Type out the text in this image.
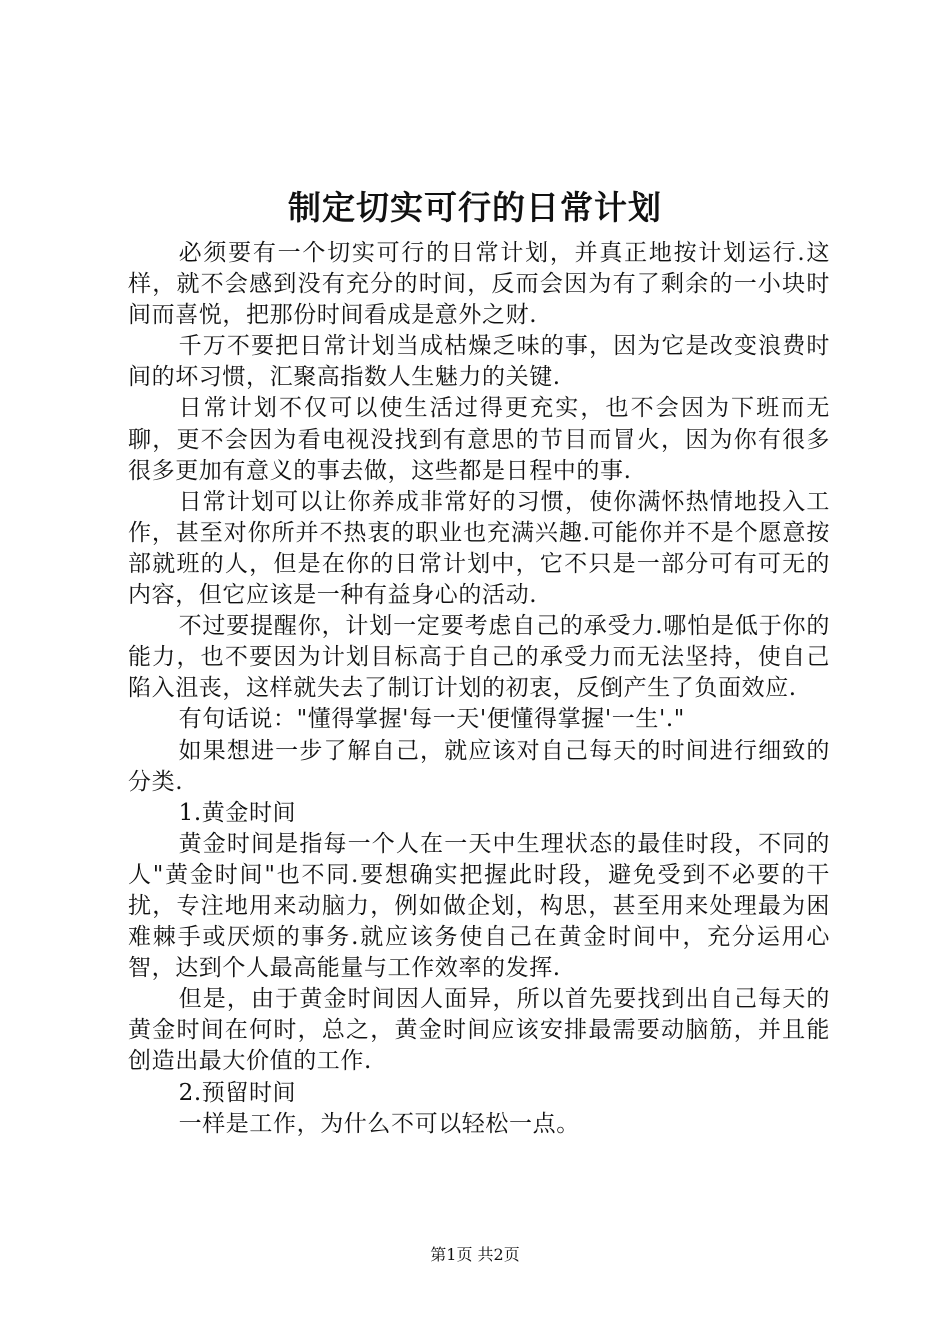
制定切实可行的日常计划

必须要有一个切实可行的日常计划，并真正地按计划运行.这样，就不会感到没有充分的时间，反而会因为有了剩余的一小块时间而喜悦，把那份时间看成是意外之财.

千万不要把日常计划当成枯燥乏味的事，因为它是改变浪费时间的坏习惯，汇聚高指数人生魅力的关键.

日常计划不仅可以使生活过得更充实，也不会因为下班而无聊，更不会因为看电视没找到有意思的节目而冒火，因为你有很多很多更加有意义的事去做，这些都是日程中的事.

日常计划可以让你养成非常好的习惯，使你满怀热情地投入工作，甚至对你所并不热衷的职业也充满兴趣.可能你并不是个愿意按部就班的人，但是在你的日常计划中，它不只是一部分可有可无的内容，但它应该是一种有益身心的活动.

不过要提醒你，计划一定要考虑自己的承受力.哪怕是低于你的能力，也不要因为计划目标高于自己的承受力而无法坚持，使自己陷入沮丧，这样就失去了制订计划的初衷，反倒产生了负面效应.

有句话说："懂得掌握'每一天'便懂得掌握'一生'."

如果想进一步了解自己，就应该对自己每天的时间进行细致的分类.

1.黄金时间

黄金时间是指每一个人在一天中生理状态的最佳时段，不同的人"黄金时间"也不同.要想确实把握此时段，避免受到不必要的干扰，专注地用来动脑力，例如做企划，构思，甚至用来处理最为困难棘手或厌烦的事务.就应该务使自己在黄金时间中，充分运用心智，达到个人最高能量与工作效率的发挥.

但是，由于黄金时间因人面异，所以首先要找到出自己每天的黄金时间在何时，总之，黄金时间应该安排最需要动脑筋，并且能创造出最大价值的工作.

2.预留时间

一样是工作，为什么不可以轻松一点。

第1页 共2页
